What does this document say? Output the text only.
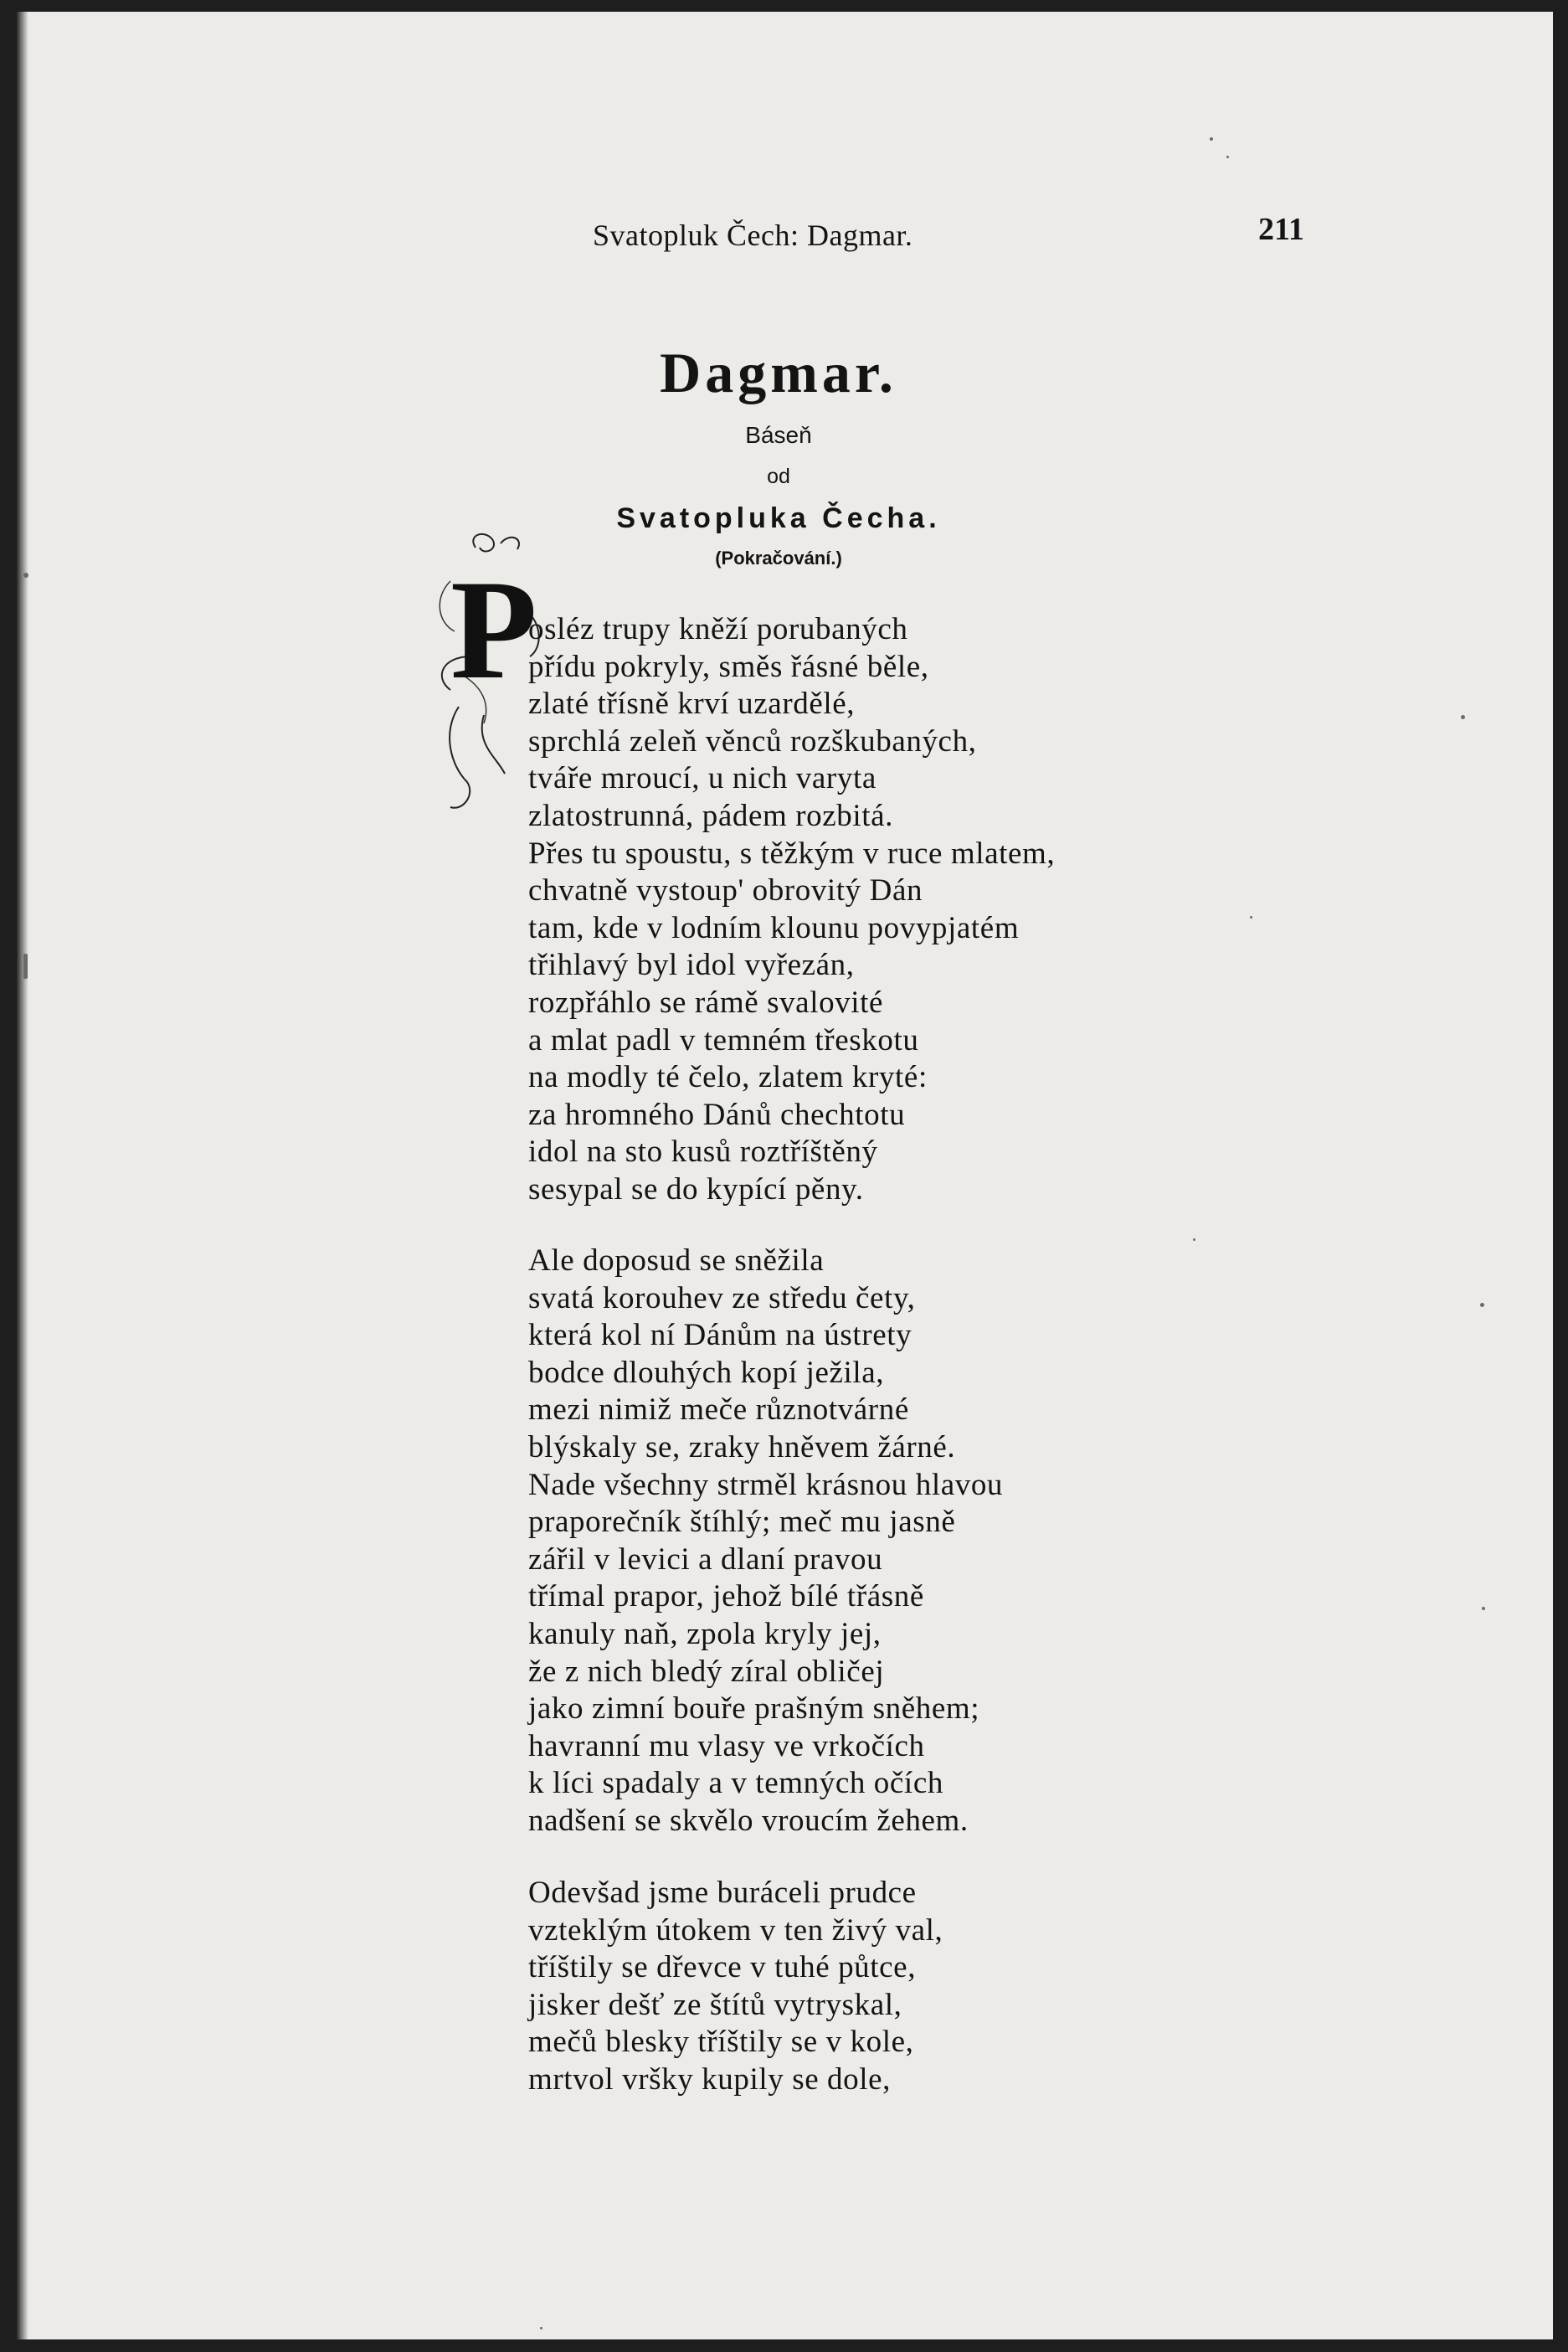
Svatopluk Čech: Dagmar.	211
Dagmar.
Báseň
od
Svatopluka Čecha.
(Pokračování.)
P
osléz trupy kněží porubaných
přídu pokryly, směs řásné běle,
zlaté třísně krví uzardělé,
sprchlá zeleň věnců rozškubaných,
tváře mroucí, u nich varyta
zlatostrunná, pádem rozbitá.
Přes tu spoustu, s těžkým v ruce mlatem,
chvatně vystoup' obrovitý Dán
tam, kde v lodním klounu povypjatém
třihlavý byl idol vyřezán,
rozpřáhlo se rámě svalovité
a mlat padl v temném třeskotu
na modly té čelo, zlatem kryté:
za hromného Dánů chechtotu
idol na sto kusů roztříštěný
sesypal se do kypící pěny.
Ale doposud se sněžila
svatá korouhev ze středu čety,
která kol ní Dánům na ústrety
bodce dlouhých kopí ježila,
mezi nimiž meče různotvárné
blýskaly se, zraky hněvem žárné.
Nade všechny strměl krásnou hlavou
praporečník štíhlý; meč mu jasně
zářil v levici a dlaní pravou
třímal prapor, jehož bílé třásně
kanuly naň, zpola kryly jej,
že z nich bledý zíral obličej
jako zimní bouře prašným sněhem;
havranní mu vlasy ve vrkočích
k líci spadaly a v temných očích
nadšení se skvělo vroucím žehem.
Odevšad jsme buráceli prudce
vzteklým útokem v ten živý val,
tříštily se dřevce v tuhé půtce,
jisker dešť ze štítů vytryskal,
mečů blesky tříštily se v kole,
mrtvol vršky kupily se dole,
